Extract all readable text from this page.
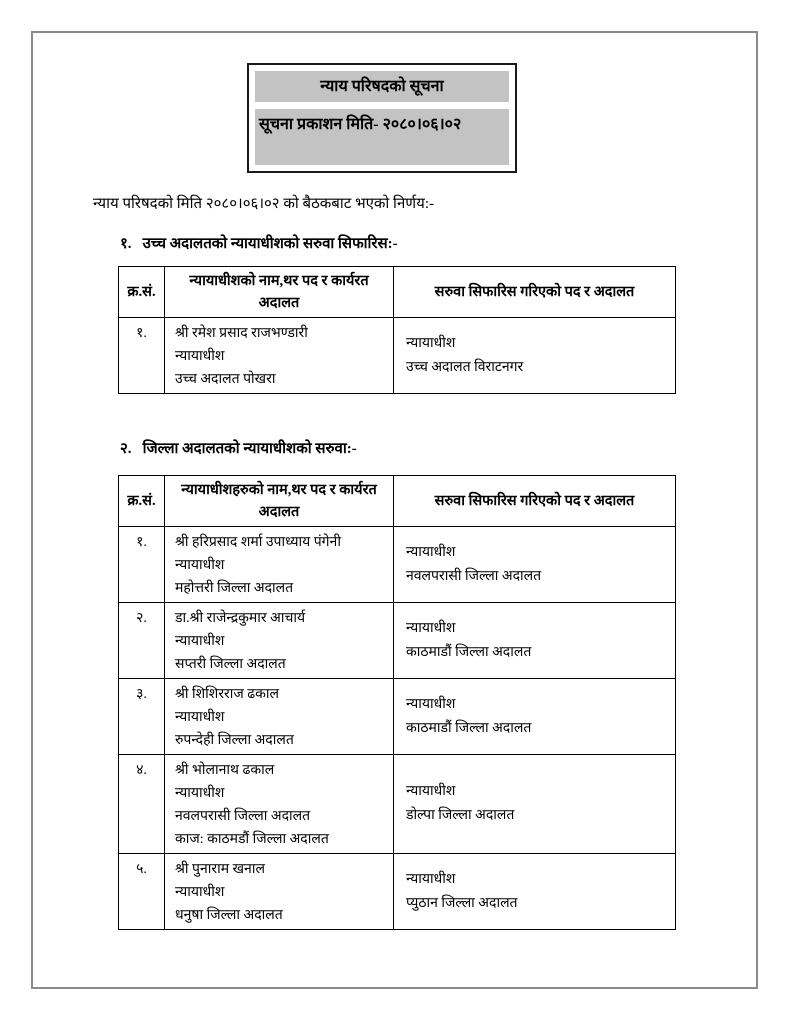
न्याय परिषदको सूचना
सूचना प्रकाशन मिति- २०८०।०६।०२
न्याय परिषदको मिति २०८०।०६।०२ को बैठकबाट भएको निर्णय:-
१. उच्च अदालतको न्यायाधीशको सरुवा सिफारिस:-
क्र.सं.	न्यायाधीशको नाम,थर पद र कार्यरत अदालत	सरुवा सिफारिस गरिएको पद र अदालत
१.	श्री रमेश प्रसाद राजभण्डारी
न्यायाधीश
उच्च अदालत पोखरा

न्यायाधीश
उच्च अदालत विराटनगर
२. जिल्ला अदालतको न्यायाधीशको सरुवा:-
क्र.सं.	न्यायाधीशहरुको नाम,थर पद र कार्यरत अदालत	सरुवा सिफारिस गरिएको पद र अदालत
१.	श्री हरिप्रसाद शर्मा उपाध्याय पंगेनी
न्यायाधीश
महोत्तरी जिल्ला अदालत

न्यायाधीश
नवलपरासी जिल्ला अदालत

२.	डा.श्री राजेन्द्रकुमार आचार्य
न्यायाधीश
सप्तरी जिल्ला अदालत

न्यायाधीश
काठमाडौं जिल्ला अदालत

३.	श्री शिशिरराज ढकाल
न्यायाधीश
रुपन्देही जिल्ला अदालत

न्यायाधीश
काठमाडौं जिल्ला अदालत

४.	श्री भोलानाथ ढकाल
न्यायाधीश
नवलपरासी जिल्ला अदालत
काज: काठमडौं जिल्ला अदालत

न्यायाधीश
डोल्पा जिल्ला अदालत

५.	श्री पुनाराम खनाल
न्यायाधीश
धनुषा जिल्ला अदालत

न्यायाधीश
प्युठान जिल्ला अदालत
